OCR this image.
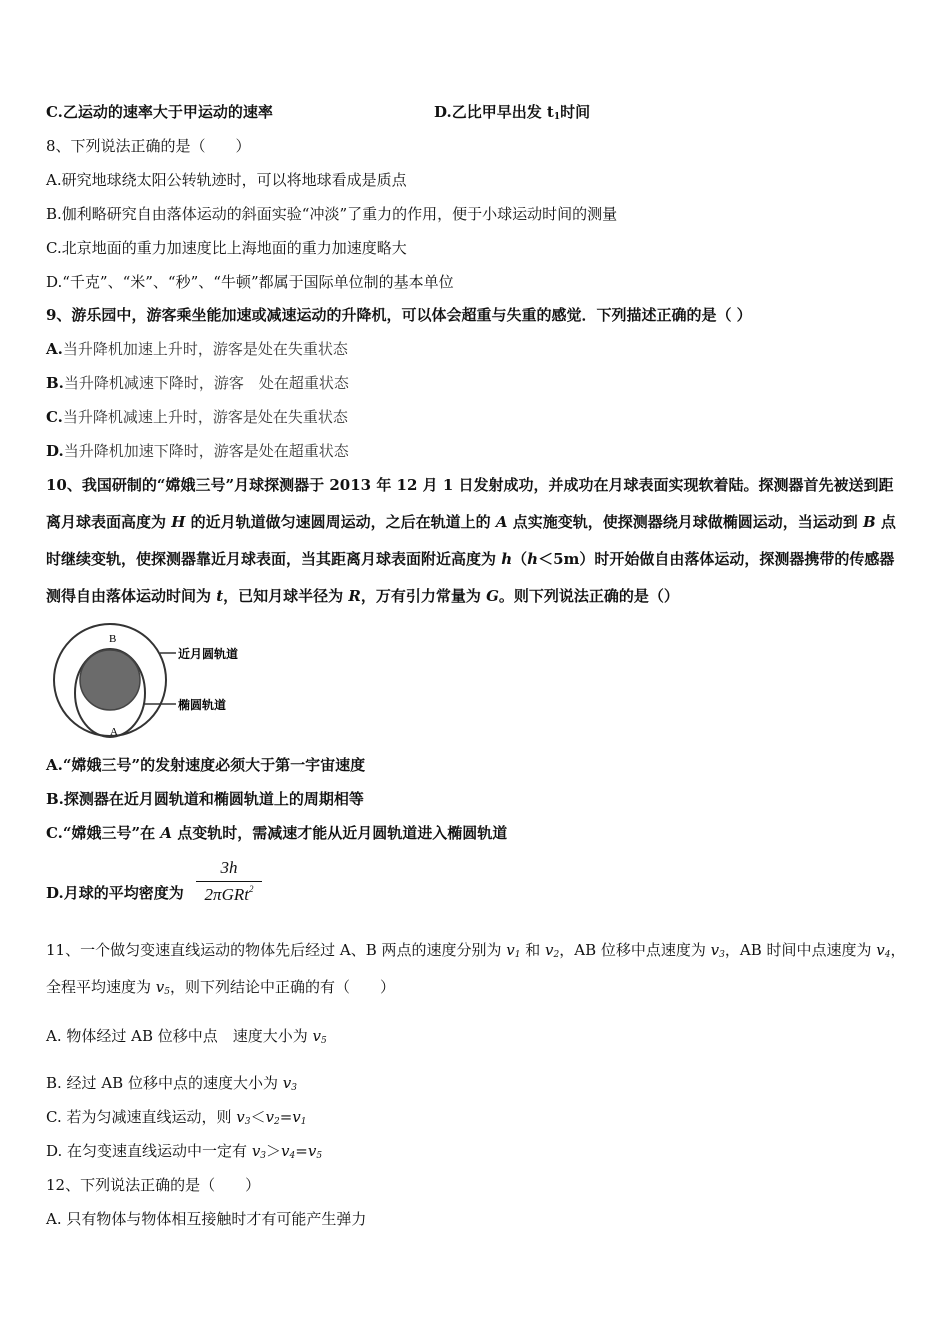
C.乙运动的速率大于甲运动的速率	D.乙比甲早出发 $t_1$时间
8、下列说法正确的是（　　）
A.研究地球绕太阳公转轨迹时，可以将地球看成是质点
B.伽利略研究自由落体运动的斜面实验“冲淡”了重力的作用，便于小球运动时间的测量
C.北京地面的重力加速度比上海地面的重力加速度略大
D.“千克”、“米”、“秒”、“牛顿”都属于国际单位制的基本单位
9、游乐园中，游客乘坐能加速或减速运动的升降机，可以体会超重与失重的感觉．下列描述正确的是（ ）
A.当升降机加速上升时，游客是处在失重状态
B.当升降机减速下降时，游客　处在超重状态
C.当升降机减速上升时，游客是处在失重状态
D.当升降机加速下降时，游客是处在超重状态
10、我国研制的“嫦娥三号”月球探测器于 2013 年 12 月 1 日发射成功，并成功在月球表面实现软着陆。探测器首先被送到距离月球表面高度为 H 的近月轨道做匀速圆周运动，之后在轨道上的 A 点实施变轨，使探测器绕月球做椭圆运动，当运动到 B 点时继续变轨，使探测器靠近月球表面，当其距离月球表面附近高度为 h（h＜5m）时开始做自由落体运动，探测器携带的传感器测得自由落体运动时间为 t，已知月球半径为 R，万有引力常量为 G。则下列说法正确的是（）
B
A
近月圆轨道
椭圆轨道
A.“嫦娥三号”的发射速度必须大于第一宇宙速度
B.探测器在近月圆轨道和椭圆轨道上的周期相等
C.“嫦娥三号”在 A 点变轨时，需减速才能从近月圆轨道进入椭圆轨道
D.月球的平均密度为
3h
2πGRt$^2$
11、一个做匀变速直线运动的物体先后经过 A、B 两点的速度分别为 $v_1$ 和 $v_2$，AB 位移中点速度为 $v_3$，AB 时间中点速度为 $v_4$，全程平均速度为 $v_5$，则下列结论中正确的有（　　）
A. 物体经过 AB 位移中点　速度大小为 $v_5$
B. 经过 AB 位移中点的速度大小为 $v_3$
C. 若为匀减速直线运动，则 $v_3<v_2=v_1$
D. 在匀变速直线运动中一定有 $v_3>v_4=v_5$
12、下列说法正确的是（　　）
A. 只有物体与物体相互接触时才有可能产生弹力
